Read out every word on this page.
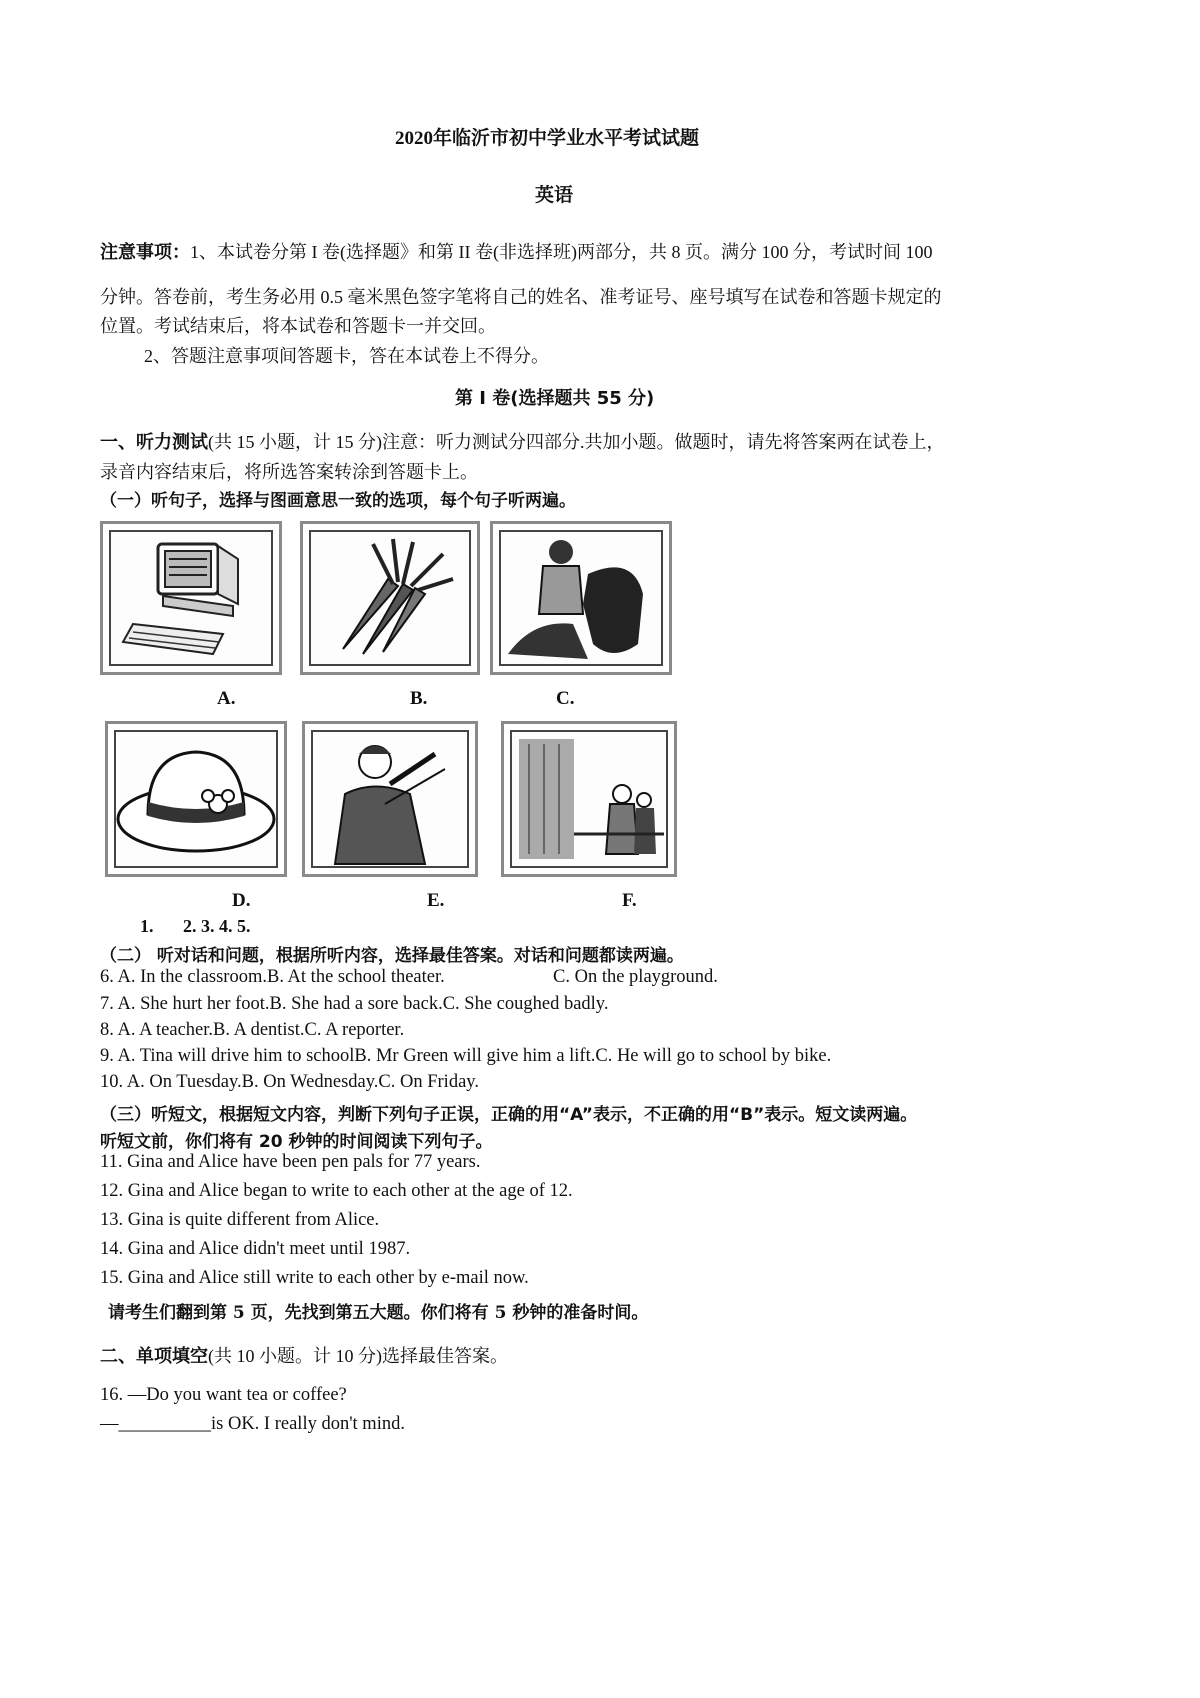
2020年临沂市初中学业水平考试试题
英语
注意事项：1、本试卷分第 I 卷(选择题》和第 II 卷(非选择班)两部分，共 8 页。满分 100 分，考试时间 100
分钟。答卷前，考生务必用 0.5 毫米黑色签字笔将自己的姓名、准考证号、座号填写在试卷和答题卡规定的
位置。考试结束后，将本试卷和答题卡一并交回。
2、答题注意事项间答题卡，答在本试卷上不得分。
第 I 卷(选择题共 55 分)
一、听力测试(共 15 小题，计 15 分)注意：听力测试分四部分.共加小题。做题时，请先将答案两在试卷上，
录音内容结束后，将所选答案转涂到答题卡上。
（一）听句子，选择与图画意思一致的选项，每个句子听两遍。
A.	B.	C.
D.	E.	F.
1. 2. 3. 4. 5.
（二） 听对话和问题，根据所听内容，选择最佳答案。对话和问题都读两遍。
6. A. In the classroom.B. At the school theater.	C. On the playground.
7. A. She hurt her foot.B. She had a sore back.C. She coughed badly.
8. A. A teacher.B. A dentist.C. A reporter.
9. A. Tina will drive him to schoolB. Mr Green will give him a lift.C. He will go to school by bike.
10. A. On Tuesday.B. On Wednesday.C. On Friday.
（三）听短文，根据短文内容，判断下列句子正误，正确的用“A”表示，不正确的用“B”表示。短文读两遍。
听短文前，你们将有 20 秒钟的时间阅读下列句子。
11. Gina and Alice have been pen pals for 77 years.
12. Gina and Alice began to write to each other at the age of 12.
13. Gina is quite different from Alice.
14. Gina and Alice didn't meet until 1987.
15. Gina and Alice still write to each other by e-mail now.
请考生们翻到第 5 页，先找到第五大题。你们将有 5 秒钟的准备时间。
二、单项填空(共 10 小题。计 10 分)选择最佳答案。
16. —Do you want tea or coffee?
—__________is OK. I really don't mind.
